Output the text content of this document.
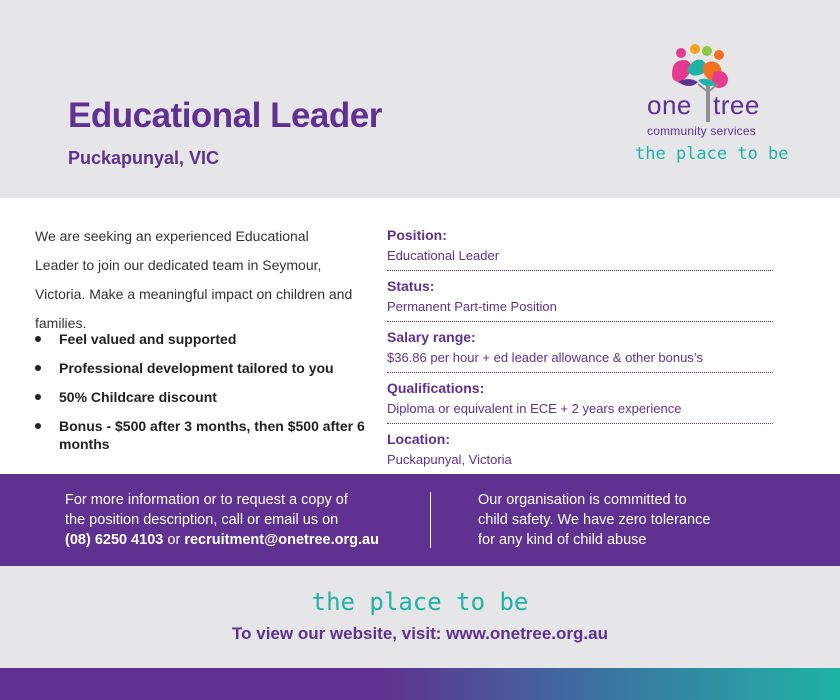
Educational Leader
Puckapunyal, VIC
one tree
community services
the place to be

We are seeking an experienced Educational Leader to join our dedicated team in Seymour, Victoria. Make a meaningful impact on children and families.

Feel valued and supported
Professional development tailored to you
50% Childcare discount
Bonus - $500 after 3 months, then $500 after 6 months
Position:
Educational Leader
Status:
Permanent Part-time Position
Salary range:
$36.86 per hour + ed leader allowance & other bonus’s
Qualifications:
Diploma or equivalent in ECE + 2 years experience
Location:
Puckapunyal, Victoria
For more information or to request a copy of
the position description, call or email us on
(08) 6250 4103 or recruitment@onetree.org.au
Our organisation is committed to
child safety. We have zero tolerance
for any kind of child abuse
the place to be
To view our website, visit: www.onetree.org.au
